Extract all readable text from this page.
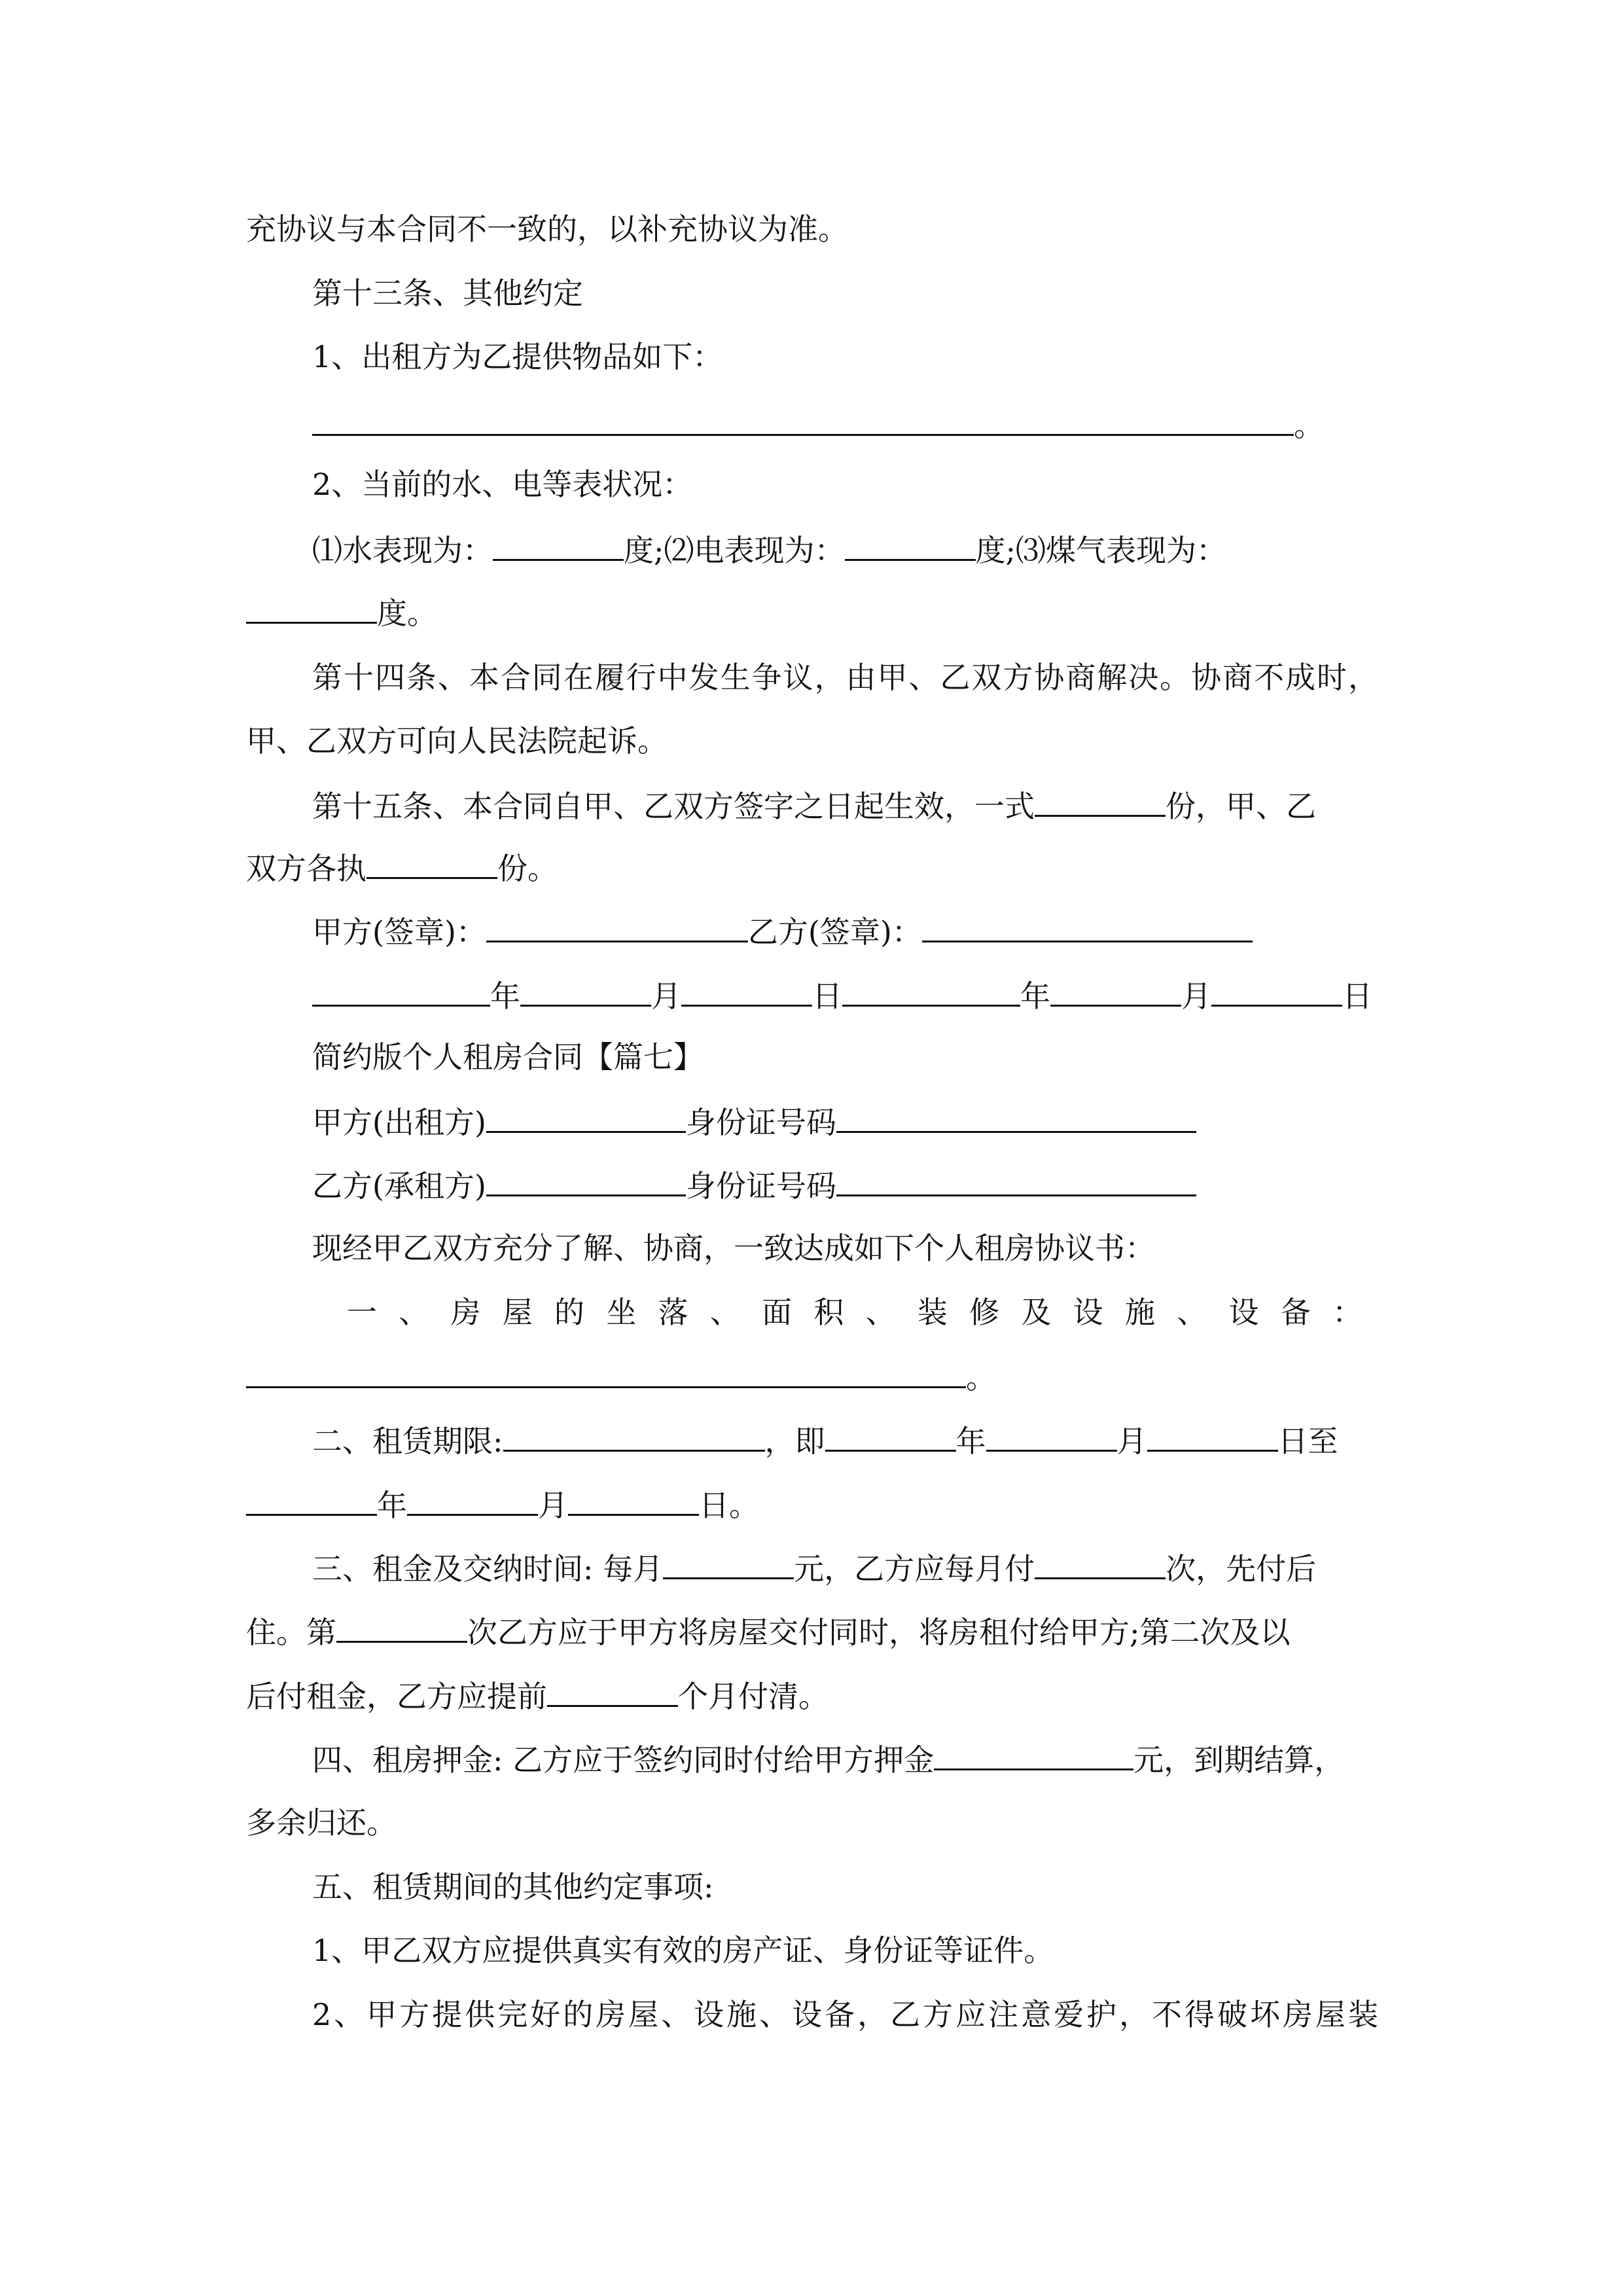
充协议与本合同不一致的，以补充协议为准。
第十三条、其他约定
1、出租方为乙提供物品如下：
。
2、当前的水、电等表状况：
⑴水表现为：	度;⑵电表现为：	度;⑶煤气表现为：
度。
第十四条、本合同在履行中发生争议，由甲、乙双方协商解决。协商不成时，
甲、乙双方可向人民法院起诉。
第十五条、本合同自甲、乙双方签字之日起生效，一式	份，甲、乙
双方各执	份。
甲方(签章)：	乙方(签章)：
年	月	日	年	月	日
简约版个人租房合同【篇七】
甲方(出租方)	身份证号码
乙方(承租方)	身份证号码
现经甲乙双方充分了解、协商，一致达成如下个人租房协议书：
一、房屋的坐落、面积、装修及设施、设备：
。
二、租赁期限:	，即	年	月	日至
年	月	日。
三、租金及交纳时间: 每月	元，乙方应每月付	次，先付后
住。第	次乙方应于甲方将房屋交付同时，将房租付给甲方;第二次及以
后付租金，乙方应提前	个月付清。
四、租房押金: 乙方应于签约同时付给甲方押金	元，到期结算，
多余归还。
五、租赁期间的其他约定事项:
1、甲乙双方应提供真实有效的房产证、身份证等证件。
2、甲方提供完好的房屋、设施、设备，乙方应注意爱护，不得破坏房屋装
